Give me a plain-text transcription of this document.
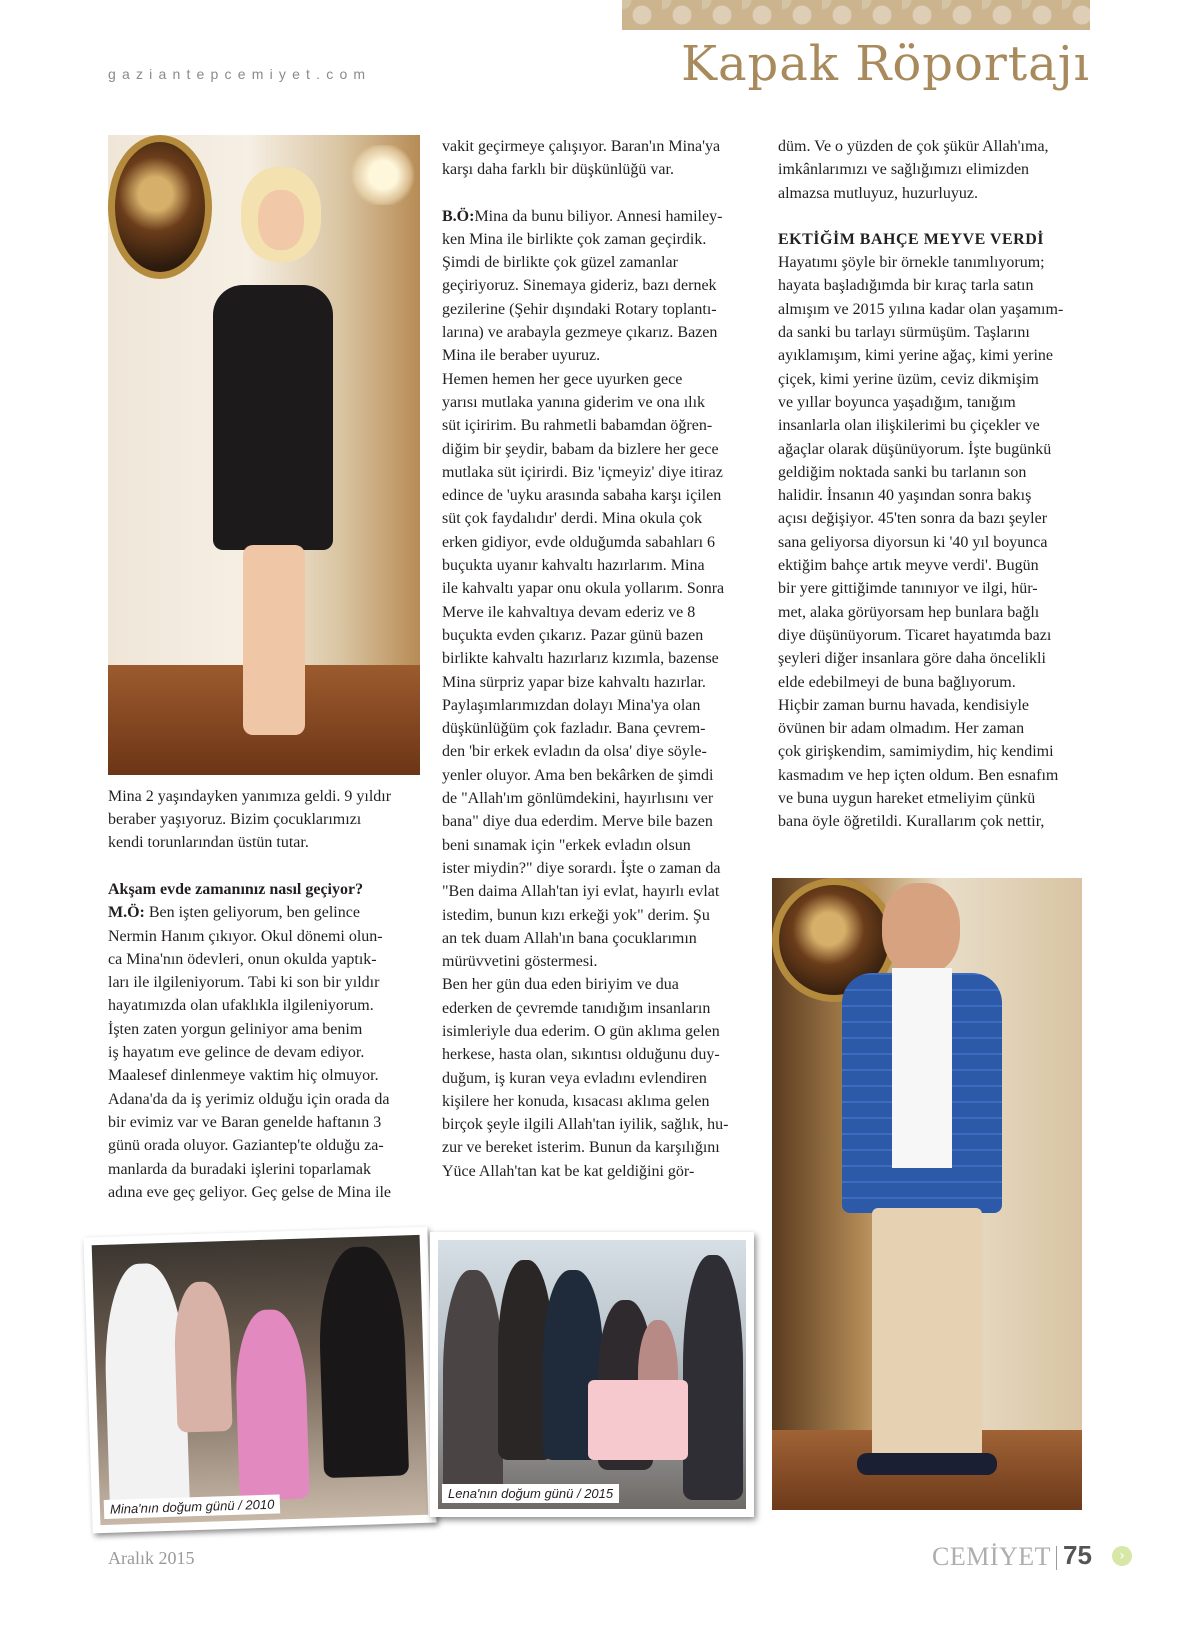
gaziantepcemiyet.com	Kapak Röportajı
Mina 2 yaşındayken yanımıza geldi. 9 yıldır
beraber yaşıyoruz. Bizim çocuklarımızı
kendi torunlarından üstün tutar.

Akşam evde zamanınız nasıl geçiyor?

M.Ö: Ben işten geliyorum, ben gelince

Nermin Hanım çıkıyor. Okul dönemi olun-

ca Mina'nın ödevleri, onun okulda yaptık-

ları ile ilgileniyorum. Tabi ki son bir yıldır

hayatımızda olan ufaklıkla ilgileniyorum.

İşten zaten yorgun geliniyor ama benim

iş hayatım eve gelince de devam ediyor.

Maalesef dinlenmeye vaktim hiç olmuyor.

Adana'da da iş yerimiz olduğu için orada da

bir evimiz var ve Baran genelde haftanın 3

günü orada oluyor. Gaziantep'te olduğu za-

manlarda da buradaki işlerini toparlamak

adına eve geç geliyor. Geç gelse de Mina ile

vakit geçirmeye çalışıyor. Baran'ın Mina'ya

karşı daha farklı bir düşkünlüğü var.

B.Ö:Mina da bunu biliyor. Annesi hamiley-

ken Mina ile birlikte çok zaman geçirdik.

Şimdi de birlikte çok güzel zamanlar

geçiriyoruz. Sinemaya gideriz, bazı dernek

gezilerine (Şehir dışındaki Rotary toplantı-

larına) ve arabayla gezmeye çıkarız. Bazen

Mina ile beraber uyuruz.

Hemen hemen her gece uyurken gece

yarısı mutlaka yanına giderim ve ona ılık

süt içiririm. Bu rahmetli babamdan öğren-

diğim bir şeydir, babam da bizlere her gece

mutlaka süt içirirdi. Biz 'içmeyiz' diye itiraz

edince de 'uyku arasında sabaha karşı içilen

süt çok faydalıdır' derdi. Mina okula çok

erken gidiyor, evde olduğumda sabahları 6

buçukta uyanır kahvaltı hazırlarım. Mina

ile kahvaltı yapar onu okula yollarım. Sonra

Merve ile kahvaltıya devam ederiz ve 8

buçukta evden çıkarız. Pazar günü bazen

birlikte kahvaltı hazırlarız kızımla, bazense

Mina sürpriz yapar bize kahvaltı hazırlar.

Paylaşımlarımızdan dolayı Mina'ya olan

düşkünlüğüm çok fazladır. Bana çevrem-

den 'bir erkek evladın da olsa' diye söyle-

yenler oluyor. Ama ben bekârken de şimdi

de "Allah'ım gönlümdekini, hayırlısını ver

bana" diye dua ederdim. Merve bile bazen

beni sınamak için "erkek evladın olsun

ister miydin?" diye sorardı. İşte o zaman da

"Ben daima Allah'tan iyi evlat, hayırlı evlat

istedim, bunun kızı erkeği yok" derim. Şu

an tek duam Allah'ın bana çocuklarımın

mürüvvetini göstermesi.

Ben her gün dua eden biriyim ve dua

ederken de çevremde tanıdığım insanların

isimleriyle dua ederim. O gün aklıma gelen

herkese, hasta olan, sıkıntısı olduğunu duy-

duğum, iş kuran veya evladını evlendiren

kişilere her konuda, kısacası aklıma gelen

birçok şeyle ilgili Allah'tan iyilik, sağlık, hu-

zur ve bereket isterim. Bunun da karşılığını

Yüce Allah'tan kat be kat geldiğini gör-

düm. Ve o yüzden de çok şükür Allah'ıma,

imkânlarımızı ve sağlığımızı elimizden

almazsa mutluyuz, huzurluyuz.

EKTİĞİM BAHÇE MEYVE VERDİ

Hayatımı şöyle bir örnekle tanımlıyorum;

hayata başladığımda bir kıraç tarla satın

almışım ve 2015 yılına kadar olan yaşamım-

da sanki bu tarlayı sürmüşüm. Taşlarını

ayıklamışım, kimi yerine ağaç, kimi yerine

çiçek, kimi yerine üzüm, ceviz dikmişim

ve yıllar boyunca yaşadığım, tanığım

insanlarla olan ilişkilerimi bu çiçekler ve

ağaçlar olarak düşünüyorum. İşte bugünkü

geldiğim noktada sanki bu tarlanın son

halidir. İnsanın 40 yaşından sonra bakış

açısı değişiyor. 45'ten sonra da bazı şeyler

sana geliyorsa diyorsun ki '40 yıl boyunca

ektiğim bahçe artık meyve verdi'. Bugün

bir yere gittiğimde tanınıyor ve ilgi, hür-

met, alaka görüyorsam hep bunlara bağlı

diye düşünüyorum. Ticaret hayatımda bazı

şeyleri diğer insanlara göre daha öncelikli

elde edebilmeyi de buna bağlıyorum.

Hiçbir zaman burnu havada, kendisiyle

övünen bir adam olmadım. Her zaman

çok girişkendim, samimiydim, hiç kendimi

kasmadım ve hep içten oldum. Ben esnafım

ve buna uygun hareket etmeliyim çünkü

bana öyle öğretildi. Kurallarım çok nettir,

Mina'nın doğum günü / 2010
Lena'nın doğum günü / 2015
Aralık 2015	CEMİYET 75	›
